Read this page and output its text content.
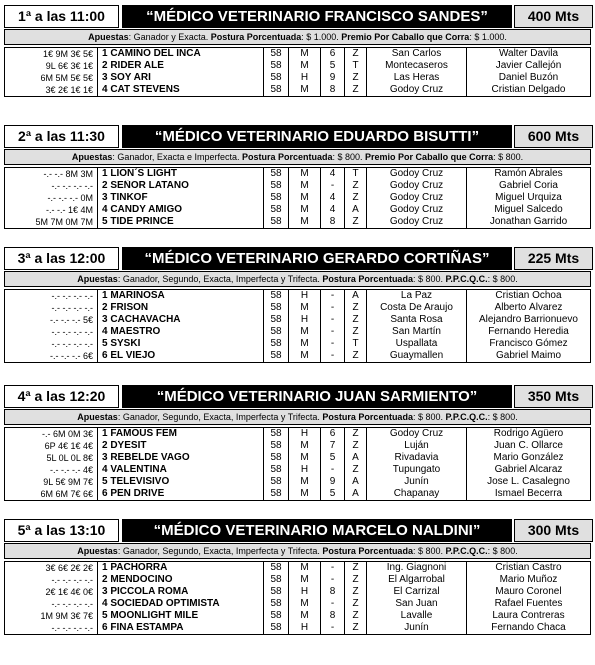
1ª a las 11:00	“MÉDICO VETERINARIO FRANCISCO SANDES”	400 Mts
Apuestas: Ganador y Exacta. Postura Porcentuada: $ 1.000. Premio Por Caballo que Corra: $ 1.000.
1€ 9M 3€ 5€ 1 CAMINO DEL INCA	58	M	6	Z	San Carlos	Walter Davila
9L 6€ 3€ 1€ 2 RIDER ALE	58	M	5	T	Montecaseros	Javier Callejón
6M 5M 5€ 5€ 3 SOY ARI	58	H	9	Z	Las Heras	Daniel Buzón
3€ 2€ 1€ 1€ 4 CAT STEVENS	58	M	8	Z	Godoy Cruz	Cristian Delgado
2ª a las 11:30	“MÉDICO VETERINARIO EDUARDO BISUTTI”	600 Mts
Apuestas: Ganador, Exacta e Imperfecta. Postura Porcentuada: $ 800. Premio Por Caballo que Corra: $ 800.
-.- -.- 8M 3M 1 LION´S LIGHT	58	M	4	T	Godoy Cruz	Ramón Abrales
-.- -.- -.- -.- 2 SEÑOR LATANO	58	M	-	Z	Godoy Cruz	Gabriel Coria
-.- -.- -.- 0M 3 TINKOF	58	M	4	Z	Godoy Cruz	Miguel Urquiza
-.- -.- 1€ 4M 4 CANDY AMIGO	58	M	4	A	Godoy Cruz	Miguel Salcedo
5M 7M 0M 7M 5 TIDE PRINCE	58	M	8	Z	Godoy Cruz	Jonathan Garrido
3ª a las 12:00	“MÉDICO VETERINARIO GERARDO CORTIÑAS”	225 Mts
Apuestas: Ganador, Segundo, Exacta, Imperfecta y Trifecta. Postura Porcentuada: $ 800. P.P.C.Q.C.: $ 800.
-.- -.- -.- -.- 1 MARINOSA	58	H	-	A	La Paz	Cristian Ochoa
-.- -.- -.- -.- 2 FRISON	58	M	-	Z	Costa De Araujo	Alberto Álvarez
-.- -.- -.- 5€ 3 CACHAVACHA	58	H	-	Z	Santa Rosa	Alejandro Barrionuevo
-.- -.- -.- -.- 4 MAESTRO	58	M	-	Z	San Martín	Fernando Heredia
-.- -.- -.- -.- 5 SYSKI	58	M	-	T	Uspallata	Francisco Gómez
-.- -.- -.- 6€ 6 EL VIEJO	58	M	-	Z	Guaymallen	Gabriel Maimo
4ª a las 12:20	“MÉDICO VETERINARIO JUAN SARMIENTO”	350 Mts
Apuestas: Ganador, Segundo, Exacta, Imperfecta y Trifecta. Postura Porcentuada: $ 800. P.P.C.Q.C.: $ 800.
-.- 6M 0M 3€ 1 FAMOUS FEM	58	H	6	Z	Godoy Cruz	Rodrigo Agüero
6P 4€ 1€ 4€ 2 DYESIT	58	M	7	Z	Luján	Juan C. Ollarce
5L 0L 0L 8€ 3 REBELDE VAGO	58	M	5	A	Rivadavia	Mario González
-.- -.- -.- 4€ 4 VALENTINA	58	H	-	Z	Tupungato	Gabriel Alcaraz
9L 5€ 9M 7€ 5 TELEVISIVO	58	M	9	A	Junín	Jose L. Casalegno
6M 6M 7€ 6€ 6 PEN DRIVE	58	M	5	A	Chapanay	Ismael Becerra
5ª a las 13:10	“MÉDICO VETERINARIO MARCELO NALDINI”	300 Mts
Apuestas: Ganador, Segundo, Exacta, Imperfecta y Trifecta. Postura Porcentuada: $ 800. P.P.C.Q.C.: $ 800.
3€ 6€ 2€ 2€ 1 PACHORRA	58	M	-	Z	Ing. Giagnoni	Cristian Castro
-.- -.- -.- -.- 2 MENDOCINO	58	M	-	Z	El Algarrobal	Mario Muñoz
2€ 1€ 4€ 0€ 3 PICCOLA ROMA	58	H	8	Z	El Carrizal	Mauro Coronel
-.- -.- -.- -.- 4 SOCIEDAD OPTIMISTA	58	M	-	Z	San Juan	Rafael Fuentes
1M 9M 3€ 7€ 5 MOONLIGHT MILE	58	M	8	Z	Lavalle	Laura Contreras
-.- -.- -.- -.- 6 FINA ESTAMPA	58	H	-	Z	Junín	Fernando Chaca
